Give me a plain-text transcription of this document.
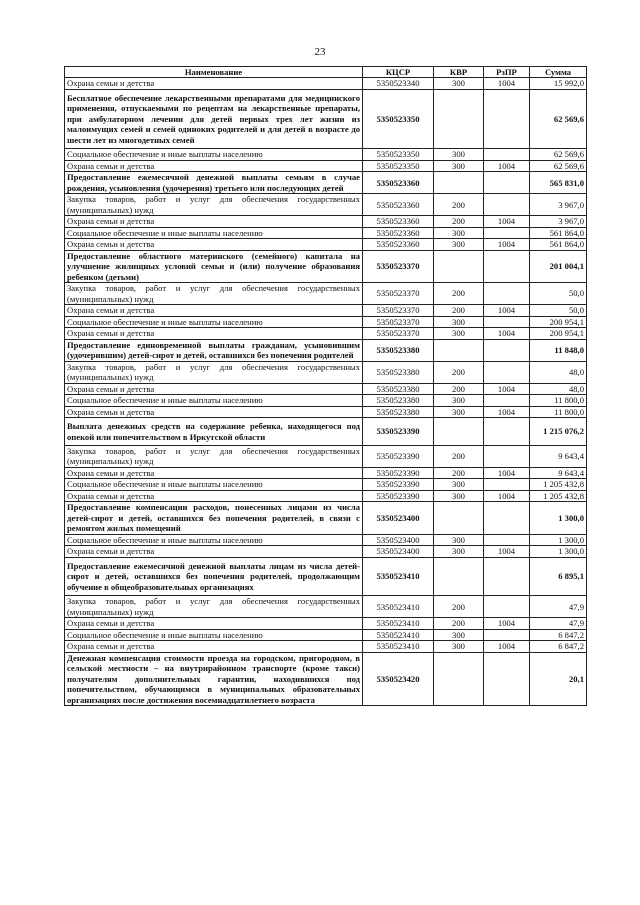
23
Наименование	КЦСР	КВР	РзПР	Сумма
Охрана семьи и детства	5350523340	300	1004	15 992,0
Бесплатное обеспечение лекарственными препаратами для медицинского применения, отпускаемыми по рецептам на лекарственные препараты, при амбулаторном лечении для детей первых трех лет жизни из малоимущих семей и семей одиноких родителей и для детей в возрасте до шести лет из многодетных семей	5350523350			62 569,6
Социальное обеспечение и иные выплаты населению	5350523350	300		62 569,6
Охрана семьи и детства	5350523350	300	1004	62 569,6
Предоставление ежемесячной денежной выплаты семьям в случае рождения, усыновления (удочерения) третьего или последующих детей	5350523360			565 831,0
Закупка товаров, работ и услуг для обеспечения государственных (муниципальных) нужд	5350523360	200		3 967,0
Охрана семьи и детства	5350523360	200	1004	3 967,0
Социальное обеспечение и иные выплаты населению	5350523360	300		561 864,0
Охрана семьи и детства	5350523360	300	1004	561 864,0
Предоставление областного материнского (семейного) капитала на улучшение жилищных условий семьи и (или) получение образования ребенком (детьми)	5350523370			201 004,1
Закупка товаров, работ и услуг для обеспечения государственных (муниципальных) нужд	5350523370	200		50,0
Охрана семьи и детства	5350523370	200	1004	50,0
Социальное обеспечение и иные выплаты населению	5350523370	300		200 954,1
Охрана семьи и детства	5350523370	300	1004	200 954,1
Предоставление единовременной выплаты гражданам, усыновившим (удочерившим) детей-сирот и детей, оставшихся без попечения родителей	5350523380			11 848,0
Закупка товаров, работ и услуг для обеспечения государственных (муниципальных) нужд	5350523380	200		48,0
Охрана семьи и детства	5350523380	200	1004	48,0
Социальное обеспечение и иные выплаты населению	5350523380	300		11 800,0
Охрана семьи и детства	5350523380	300	1004	11 800,0
Выплата денежных средств на содержание ребенка, находящегося под опекой или попечительством в Иркутской области	5350523390			1 215 076,2
Закупка товаров, работ и услуг для обеспечения государственных (муниципальных) нужд	5350523390	200		9 643,4
Охрана семьи и детства	5350523390	200	1004	9 643,4
Социальное обеспечение и иные выплаты населению	5350523390	300		1 205 432,8
Охрана семьи и детства	5350523390	300	1004	1 205 432,8
Предоставление компенсации расходов, понесенных лицами из числа детей-сирот и детей, оставшихся без попечения родителей, в связи с ремонтом жилых помещений	5350523400			1 300,0
Социальное обеспечение и иные выплаты населению	5350523400	300		1 300,0
Охрана семьи и детства	5350523400	300	1004	1 300,0
Предоставление ежемесячной денежной выплаты лицам из числа детей-сирот и детей, оставшихся без попечения родителей, продолжающим обучение в общеобразовательных организациях	5350523410			6 895,1
Закупка товаров, работ и услуг для обеспечения государственных (муниципальных) нужд	5350523410	200		47,9
Охрана семьи и детства	5350523410	200	1004	47,9
Социальное обеспечение и иные выплаты населению	5350523410	300		6 847,2
Охрана семьи и детства	5350523410	300	1004	6 847,2
Денежная компенсация стоимости проезда на городском, пригородном, в сельской местности – на внутрирайонном транспорте (кроме такси) получателям дополнительных гарантии, находившихся под попечительством, обучающимся в муниципальных образовательных организациях после достижения восемнадцатилетнего возраста	5350523420			20,1
